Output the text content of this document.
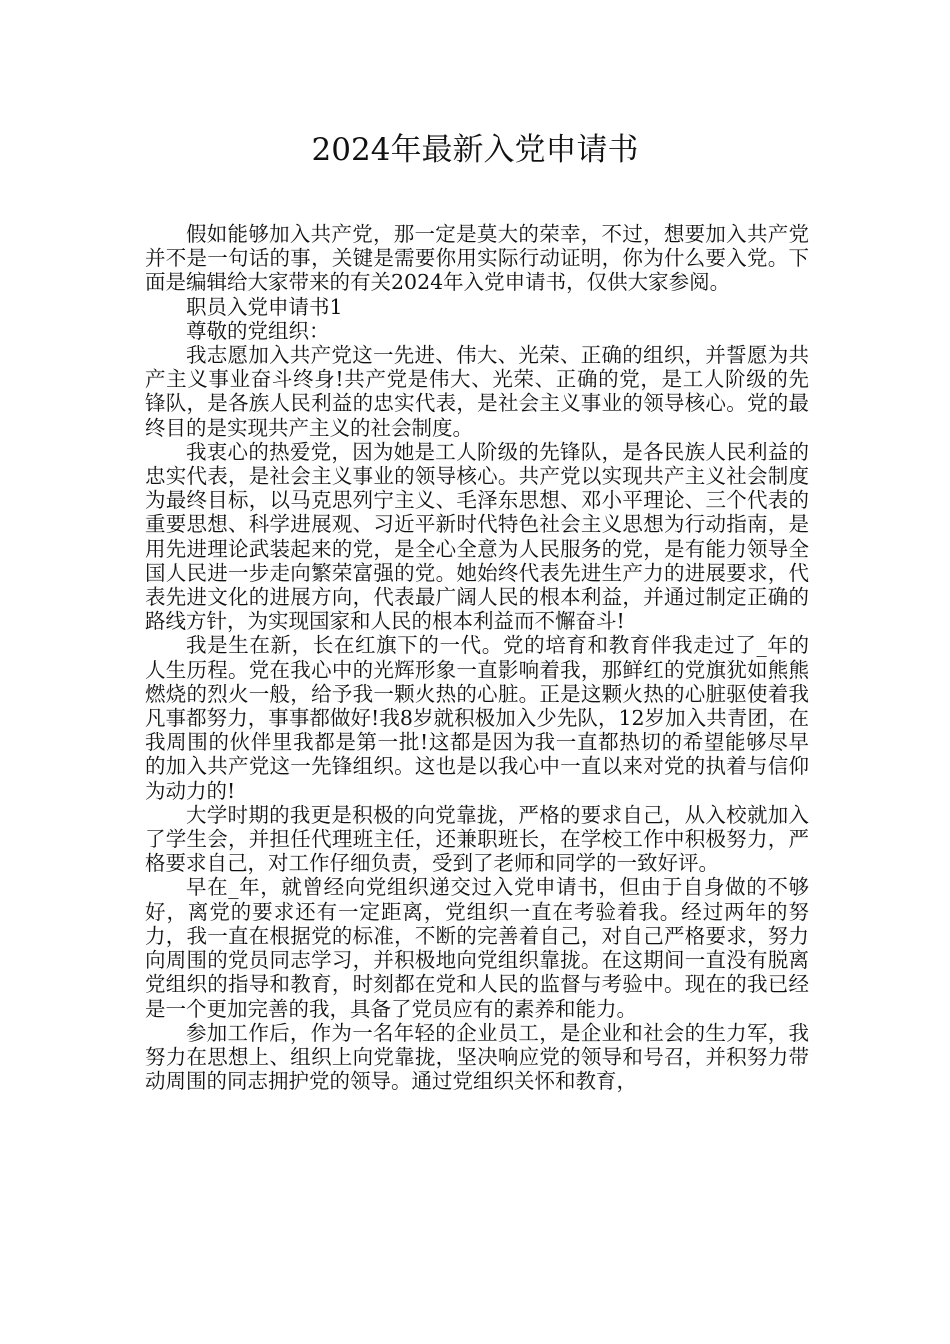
2024年最新入党申请书

假如能够加入共产党，那一定是莫大的荣幸，不过，想要加入共产党并不是一句话的事，关键是需要你用实际行动证明，你为什么要入党。下面是编辑给大家带来的有关2024年入党申请书，仅供大家参阅。

职员入党申请书1

尊敬的党组织：

我志愿加入共产党这一先进、伟大、光荣、正确的组织，并誓愿为共产主义事业奋斗终身!共产党是伟大、光荣、正确的党，是工人阶级的先锋队，是各族人民利益的忠实代表，是社会主义事业的领导核心。党的最终目的是实现共产主义的社会制度。

我衷心的热爱党，因为她是工人阶级的先锋队，是各民族人民利益的忠实代表，是社会主义事业的领导核心。共产党以实现共产主义社会制度为最终目标，以马克思列宁主义、毛泽东思想、邓小平理论、三个代表的重要思想、科学进展观、习近平新时代特色社会主义思想为行动指南，是用先进理论武装起来的党，是全心全意为人民服务的党，是有能力领导全国人民进一步走向繁荣富强的党。她始终代表先进生产力的进展要求，代表先进文化的进展方向，代表最广阔人民的根本利益，并通过制定正确的路线方针，为实现国家和人民的根本利益而不懈奋斗!

我是生在新，长在红旗下的一代。党的培育和教育伴我走过了_年的人生历程。党在我心中的光辉形象一直影响着我，那鲜红的党旗犹如熊熊燃烧的烈火一般，给予我一颗火热的心脏。正是这颗火热的心脏驱使着我凡事都努力，事事都做好!我8岁就积极加入少先队，12岁加入共青团，在我周围的伙伴里我都是第一批!这都是因为我一直都热切的希望能够尽早的加入共产党这一先锋组织。这也是以我心中一直以来对党的执着与信仰为动力的!

大学时期的我更是积极的向党靠拢，严格的要求自己，从入校就加入了学生会，并担任代理班主任，还兼职班长，在学校工作中积极努力，严格要求自己，对工作仔细负责，受到了老师和同学的一致好评。

早在_年，就曾经向党组织递交过入党申请书，但由于自身做的不够好，离党的要求还有一定距离，党组织一直在考验着我。经过两年的努力，我一直在根据党的标准，不断的完善着自己，对自己严格要求，努力向周围的党员同志学习，并积极地向党组织靠拢。在这期间一直没有脱离党组织的指导和教育，时刻都在党和人民的监督与考验中。现在的我已经是一个更加完善的我，具备了党员应有的素养和能力。

参加工作后，作为一名年轻的企业员工，是企业和社会的生力军，我努力在思想上、组织上向党靠拢，坚决响应党的领导和号召，并积努力带动周围的同志拥护党的领导。通过党组织关怀和教育，
